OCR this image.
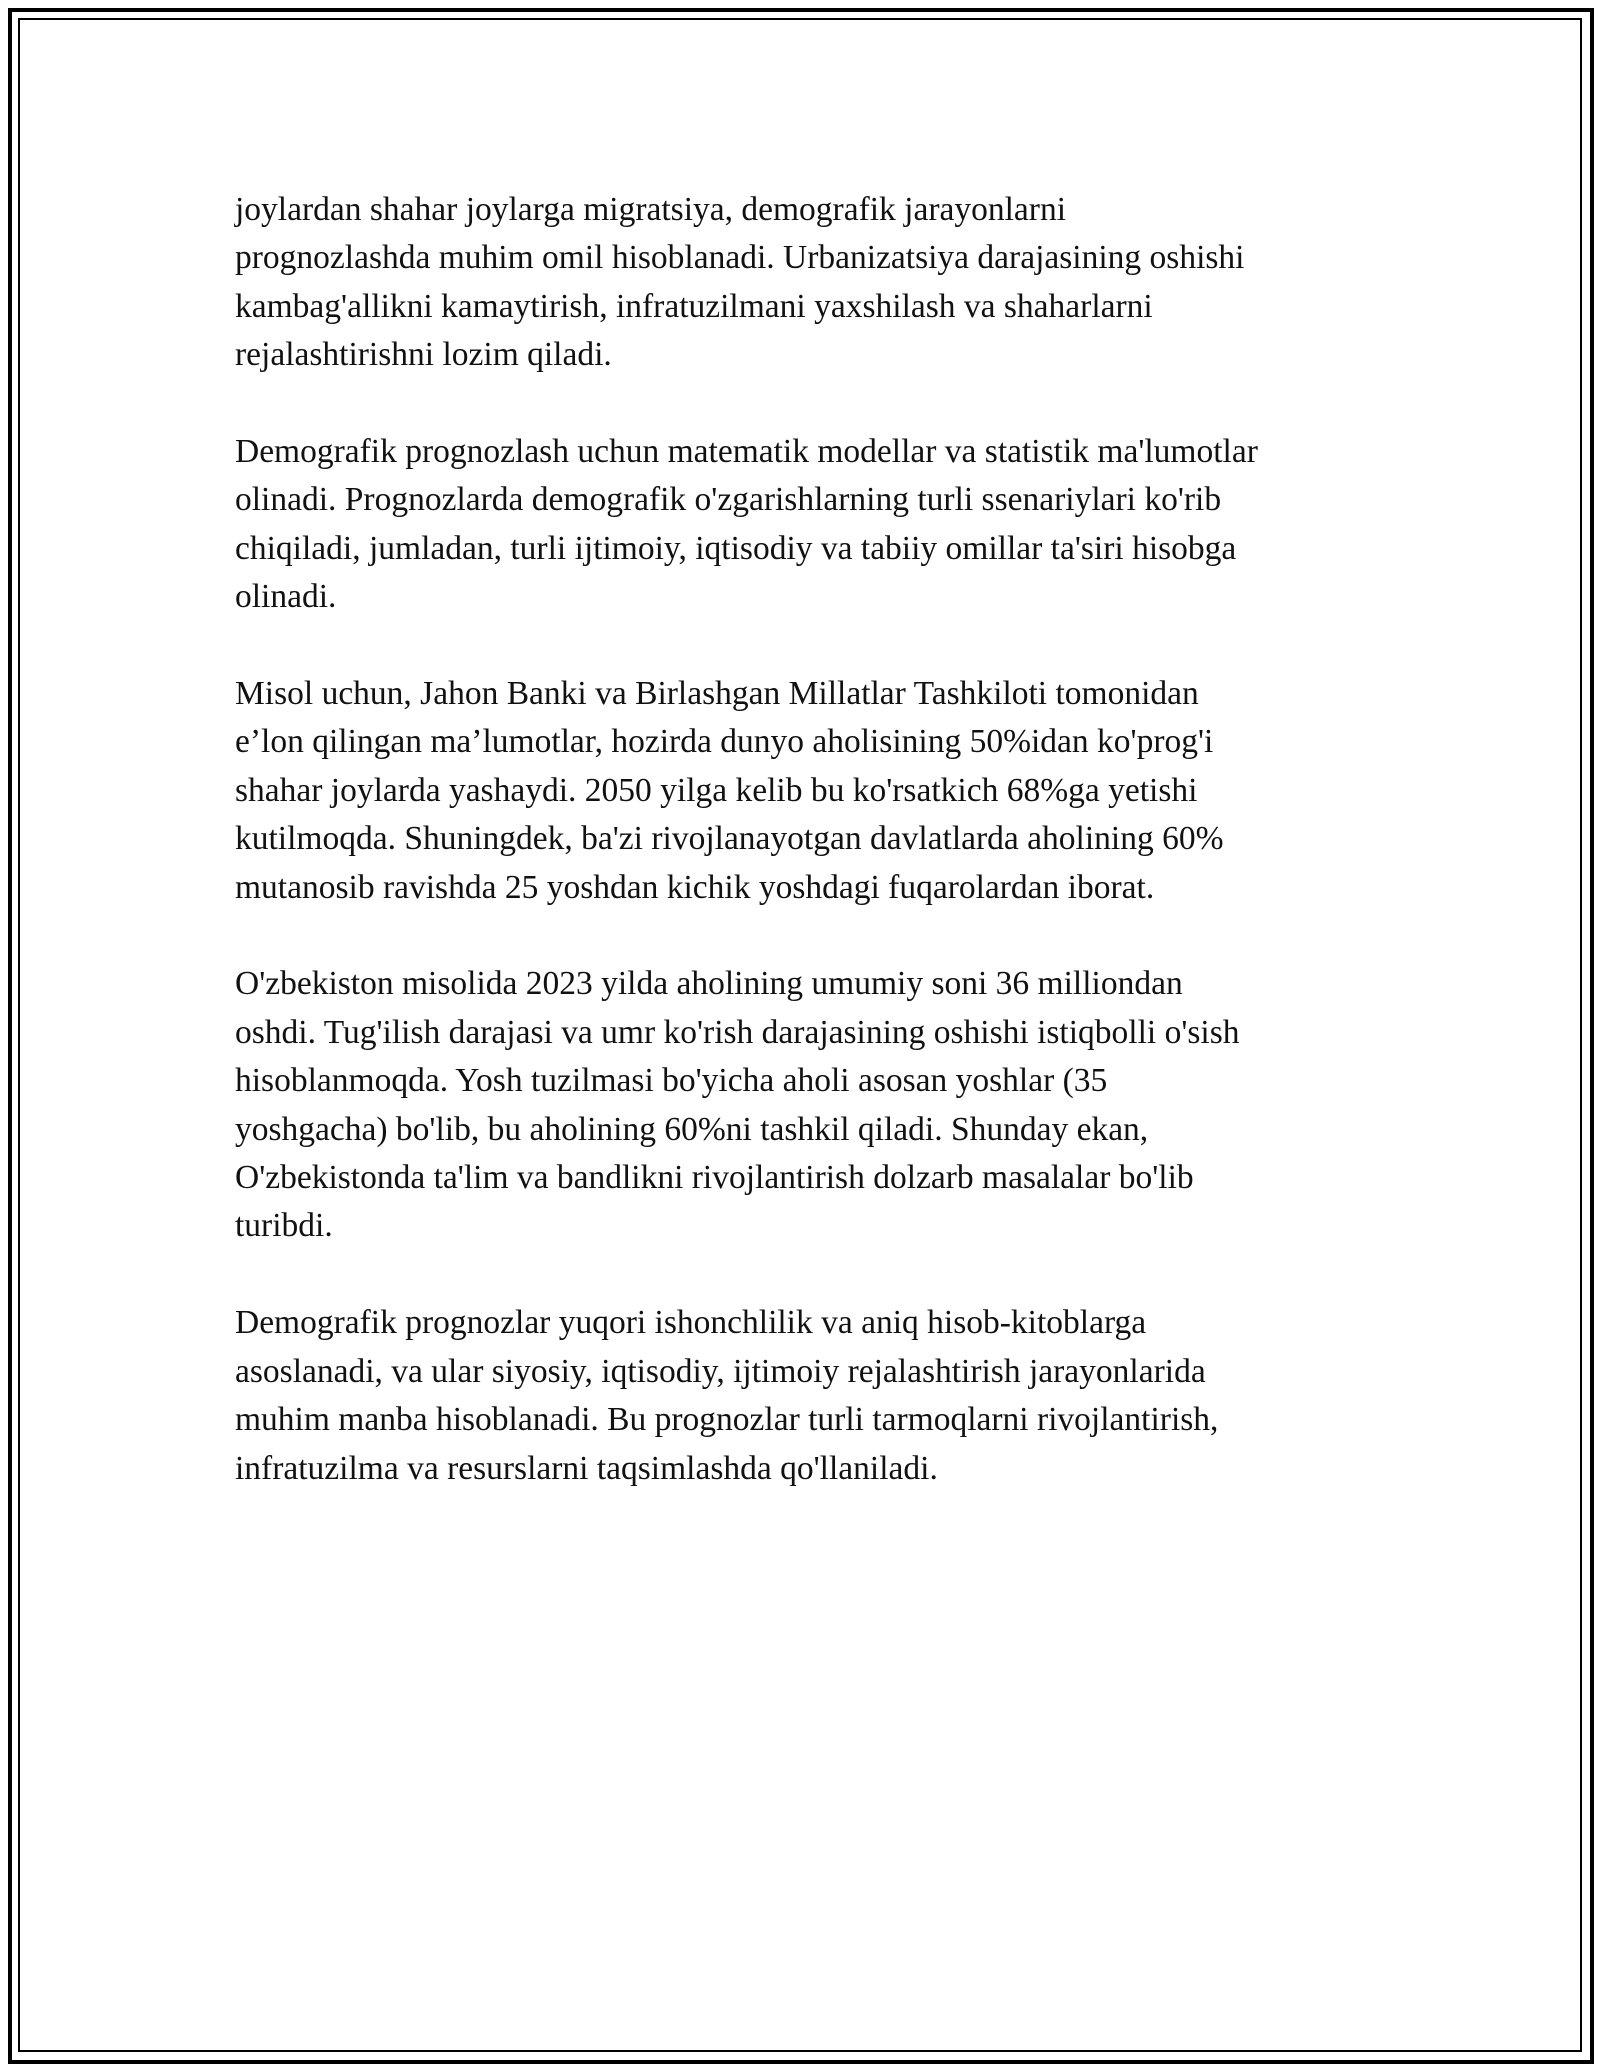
joylardan shahar joylarga migratsiya, demografik jarayonlarni
prognozlashda muhim omil hisoblanadi. Urbanizatsiya darajasining oshishi
kambag'allikni kamaytirish, infratuzilmani yaxshilash va shaharlarni
rejalashtirishni lozim qiladi.

Demografik prognozlash uchun matematik modellar va statistik ma'lumotlar
olinadi. Prognozlarda demografik o'zgarishlarning turli ssenariylari ko'rib
chiqiladi, jumladan, turli ijtimoiy, iqtisodiy va tabiiy omillar ta'siri hisobga
olinadi.

Misol uchun, Jahon Banki va Birlashgan Millatlar Tashkiloti tomonidan
e’lon qilingan ma’lumotlar, hozirda dunyo aholisining 50%idan ko'prog'i
shahar joylarda yashaydi. 2050 yilga kelib bu ko'rsatkich 68%ga yetishi
kutilmoqda. Shuningdek, ba'zi rivojlanayotgan davlatlarda aholining 60%
mutanosib ravishda 25 yoshdan kichik yoshdagi fuqarolardan iborat.

O'zbekiston misolida 2023 yilda aholining umumiy soni 36 milliondan
oshdi. Tug'ilish darajasi va umr ko'rish darajasining oshishi istiqbolli o'sish
hisoblanmoqda. Yosh tuzilmasi bo'yicha aholi asosan yoshlar (35
yoshgacha) bo'lib, bu aholining 60%ni tashkil qiladi. Shunday ekan,
O'zbekistonda ta'lim va bandlikni rivojlantirish dolzarb masalalar bo'lib
turibdi.

Demografik prognozlar yuqori ishonchlilik va aniq hisob-kitoblarga
asoslanadi, va ular siyosiy, iqtisodiy, ijtimoiy rejalashtirish jarayonlarida
muhim manba hisoblanadi. Bu prognozlar turli tarmoqlarni rivojlantirish,
infratuzilma va resurslarni taqsimlashda qo'llaniladi.
